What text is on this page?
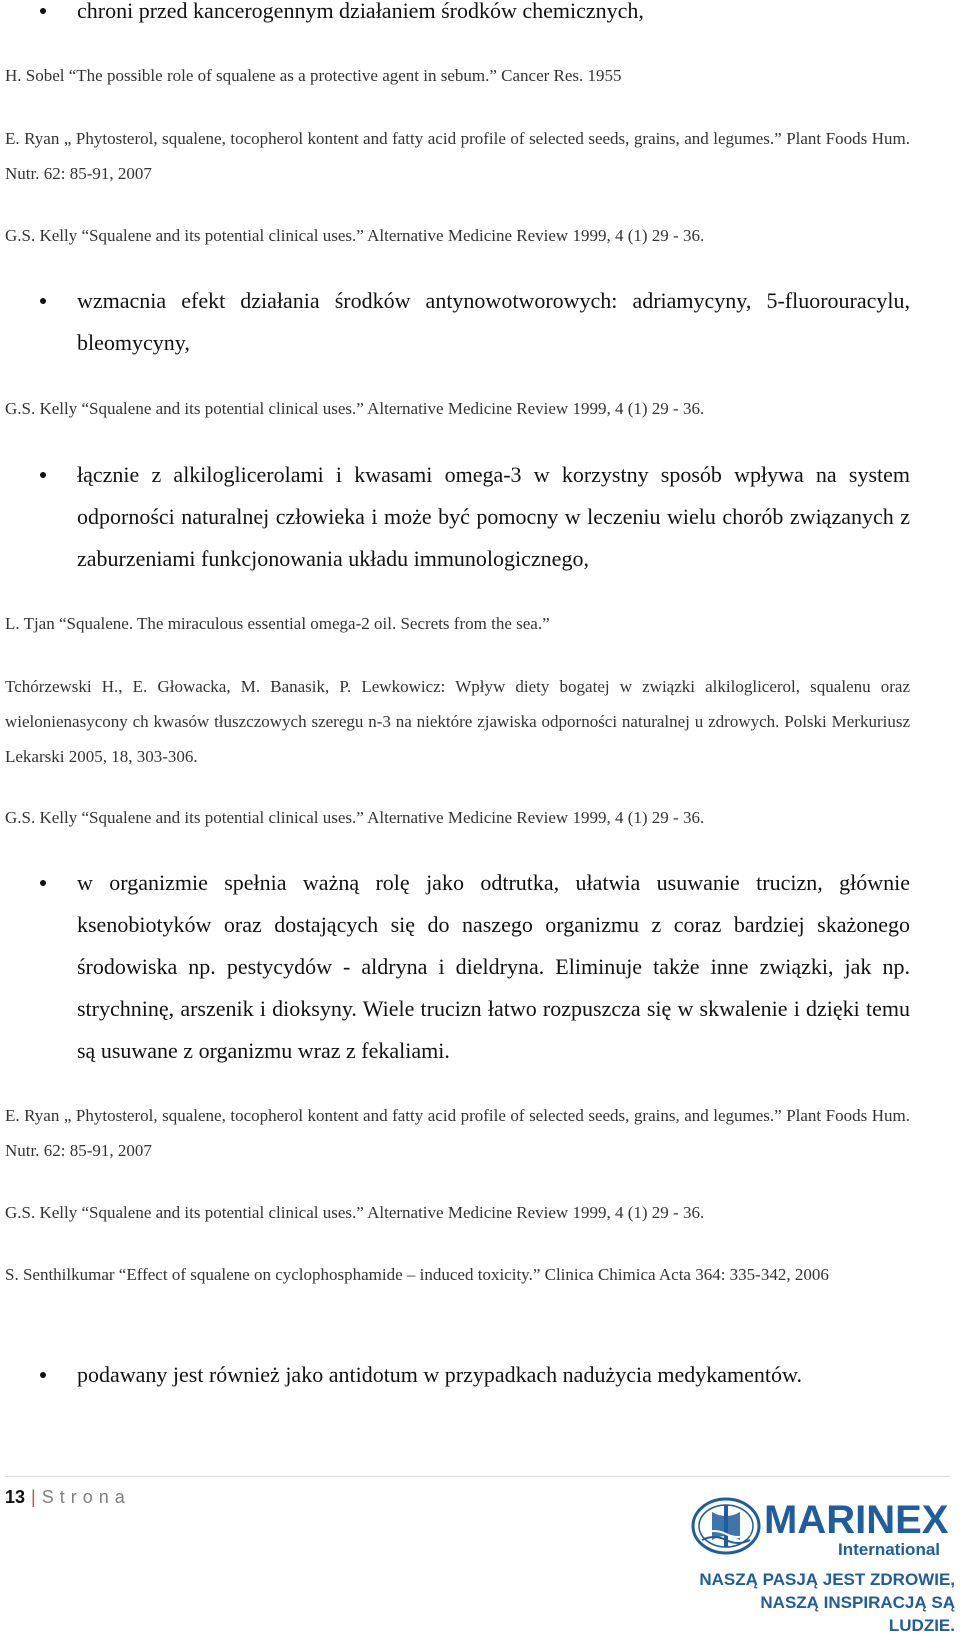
chroni przed kancerogennym działaniem środków chemicznych,
H. Sobel “The possible role of squalene as a protective agent in sebum.” Cancer Res. 1955
E. Ryan „ Phytosterol, squalene, tocopherol kontent and fatty acid profile of selected seeds, grains, and legumes.” Plant Foods Hum. Nutr. 62: 85-91, 2007
G.S. Kelly “Squalene and its potential clinical uses.” Alternative Medicine Review 1999, 4 (1) 29 - 36.
wzmacnia efekt działania środków antynowotworowych: adriamycyny, 5-fluorouracylu, bleomycyny,
G.S. Kelly “Squalene and its potential clinical uses.” Alternative Medicine Review 1999, 4 (1) 29 - 36.
łącznie z alkiloglicerolami i kwasami omega-3 w korzystny sposób wpływa na system odporności naturalnej człowieka i może być pomocny w leczeniu wielu chorób związanych z zaburzeniami funkcjonowania układu immunologicznego,
L. Tjan “Squalene. The miraculous essential omega-2 oil. Secrets from the sea.”
Tchórzewski H., E. Głowacka, M. Banasik, P. Lewkowicz: Wpływ diety bogatej w związki alkiloglicerol, squalenu oraz wielonienasycony ch kwasów tłuszczowych szeregu n-3 na niektóre zjawiska odporności naturalnej u zdrowych. Polski Merkuriusz Lekarski 2005, 18, 303-306.
G.S. Kelly “Squalene and its potential clinical uses.” Alternative Medicine Review 1999, 4 (1) 29 - 36.
w organizmie spełnia ważną rolę jako odtrutka, ułatwia usuwanie trucizn, głównie ksenobiotyków oraz dostających się do naszego organizmu z coraz bardziej skażonego środowiska np. pestycydów - aldryna i dieldryna. Eliminuje także inne związki, jak np. strychninę, arszenik i dioksyny. Wiele trucizn łatwo rozpuszcza się w skwalenie i dzięki temu są usuwane z organizmu wraz z fekaliami.
E. Ryan „ Phytosterol, squalene, tocopherol kontent and fatty acid profile of selected seeds, grains, and legumes.” Plant Foods Hum. Nutr. 62: 85-91, 2007
G.S. Kelly “Squalene and its potential clinical uses.” Alternative Medicine Review 1999, 4 (1) 29 - 36.
S. Senthilkumar “Effect of squalene on cyclophosphamide – induced toxicity.” Clinica Chimica Acta 364: 335-342, 2006
podawany jest również jako antidotum w przypadkach nadużycia medykamentów.
13 | Strona
MARINEX
International
NASZĄ PASJĄ JEST ZDROWIE,
NASZĄ INSPIRACJĄ SĄ LUDZIE.
